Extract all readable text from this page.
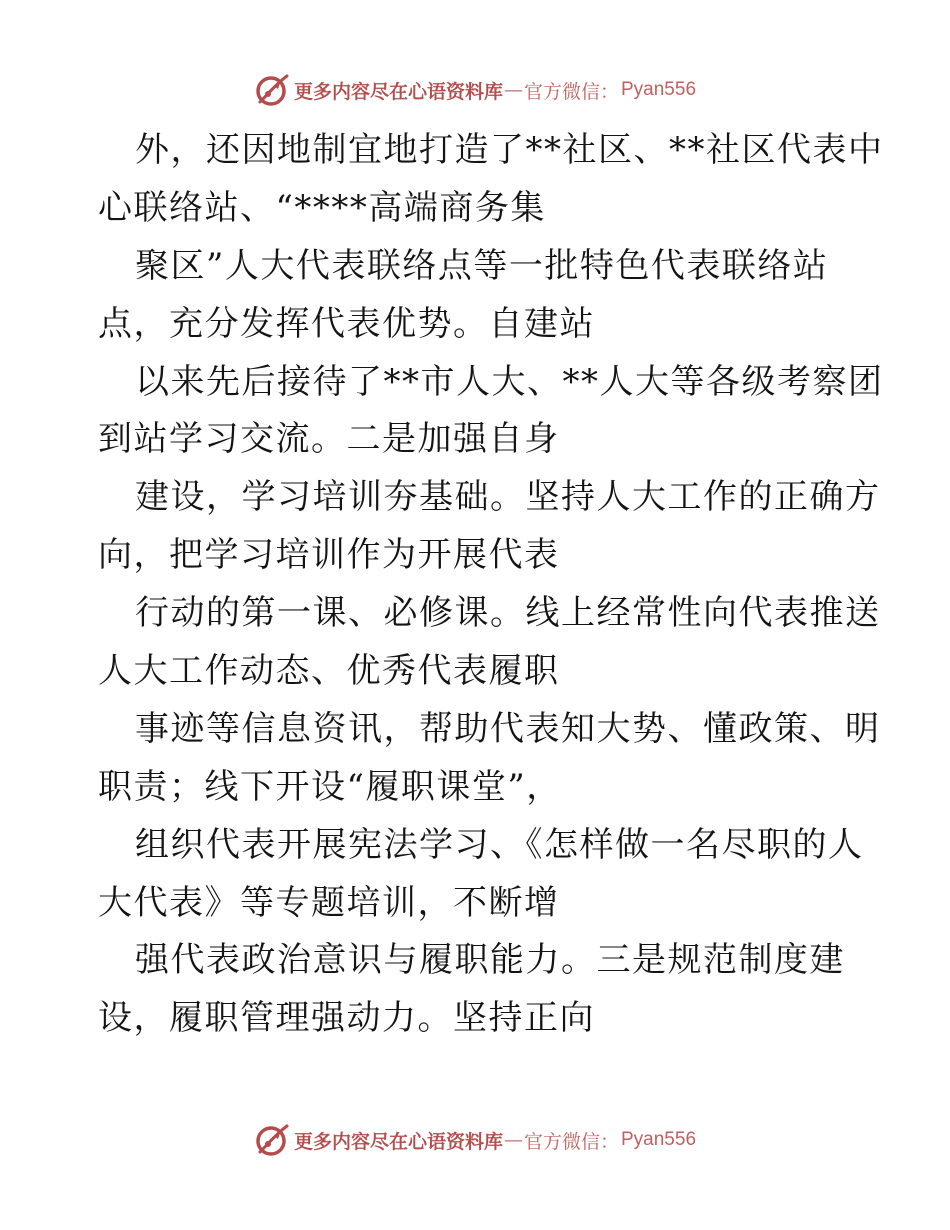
更多内容尽在心语资料库 — 官方微信： Pyan556
外，还因地制宜地打造了**社区、**社区代表中
心联络站、“****高端商务集
聚区”人大代表联络点等一批特色代表联络站
点，充分发挥代表优势。自建站
以来先后接待了**市人大、**人大等各级考察团
到站学习交流。二是加强自身
建设，学习培训夯基础。坚持人大工作的正确方
向，把学习培训作为开展代表
行动的第一课、必修课。线上经常性向代表推送
人大工作动态、优秀代表履职
事迹等信息资讯，帮助代表知大势、懂政策、明
职责；线下开设“履职课堂”，
组织代表开展宪法学习、《怎样做一名尽职的人
大代表》等专题培训，不断增
强代表政治意识与履职能力。三是规范制度建
设，履职管理强动力。坚持正向
更多内容尽在心语资料库 — 官方微信： Pyan556
